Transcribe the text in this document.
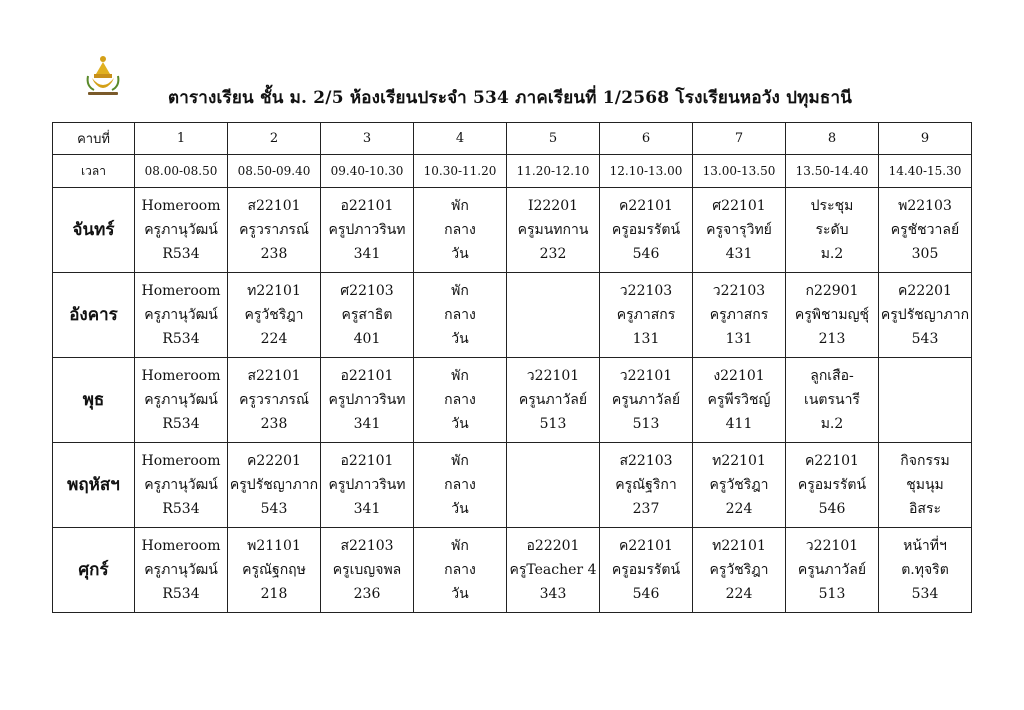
ตารางเรียน ชั้น ม. 2/5 ห้องเรียนประจำ 534 ภาคเรียนที่ 1/2568 โรงเรียนหอวัง ปทุมธานี
คาบที่	1	2	3	4	5	6	7	8	9
เวลา	08.00-08.50	08.50-09.40	09.40-10.30	10.30-11.20	11.20-12.10	12.10-13.00	13.00-13.50	13.50-14.40	14.40-15.30
จันทร์	Homeroom
ครูภานุวัฒน์
R534	ส22101
ครูวราภรณ์
238	อ22101
ครูปภาวรินท
341	พัก
กลาง
วัน	I22201
ครูมนทกาน
232	ค22101
ครูอมรรัตน์
546	ศ22101
ครูจารุวิทย์
431	ประชุม
ระดับ
ม.2	พ22103
ครูชัชวาลย์
305

อังคาร	Homeroom
ครูภานุวัฒน์
R534	ท22101
ครูวัชริฎา
224	ศ22103
ครูสาธิต
401	พัก
กลาง
วัน		ว22103
ครูภาสกร
131	ว22103
ครูภาสกร
131	ก22901
ครูพิชามญชุ์
213	ค22201
ครูปรัชญาภาก
543

พุธ	Homeroom
ครูภานุวัฒน์
R534	ส22101
ครูวราภรณ์
238	อ22101
ครูปภาวรินท
341	พัก
กลาง
วัน	ว22101
ครูนภาวัลย์
513	ว22101
ครูนภาวัลย์
513	ง22101
ครูพีรวิชญ์
411	ลูกเสือ-
เนตรนารี
ม.2	

พฤหัสฯ	Homeroom
ครูภานุวัฒน์
R534	ค22201
ครูปรัชญาภาก
543	อ22101
ครูปภาวรินท
341	พัก
กลาง
วัน		ส22103
ครูณัฐริกา
237	ท22101
ครูวัชริฎา
224	ค22101
ครูอมรรัตน์
546	กิจกรรม
ชุมนุม
อิสระ

ศุกร์	Homeroom
ครูภานุวัฒน์
R534	พ21101
ครูณัฐกฤษ
218	ส22103
ครูเบญจพล
236	พัก
กลาง
วัน	อ22201
ครูTeacher 4
343	ค22101
ครูอมรรัตน์
546	ท22101
ครูวัชริฎา
224	ว22101
ครูนภาวัลย์
513	หน้าที่ฯ
ต.ทุจริต
534
